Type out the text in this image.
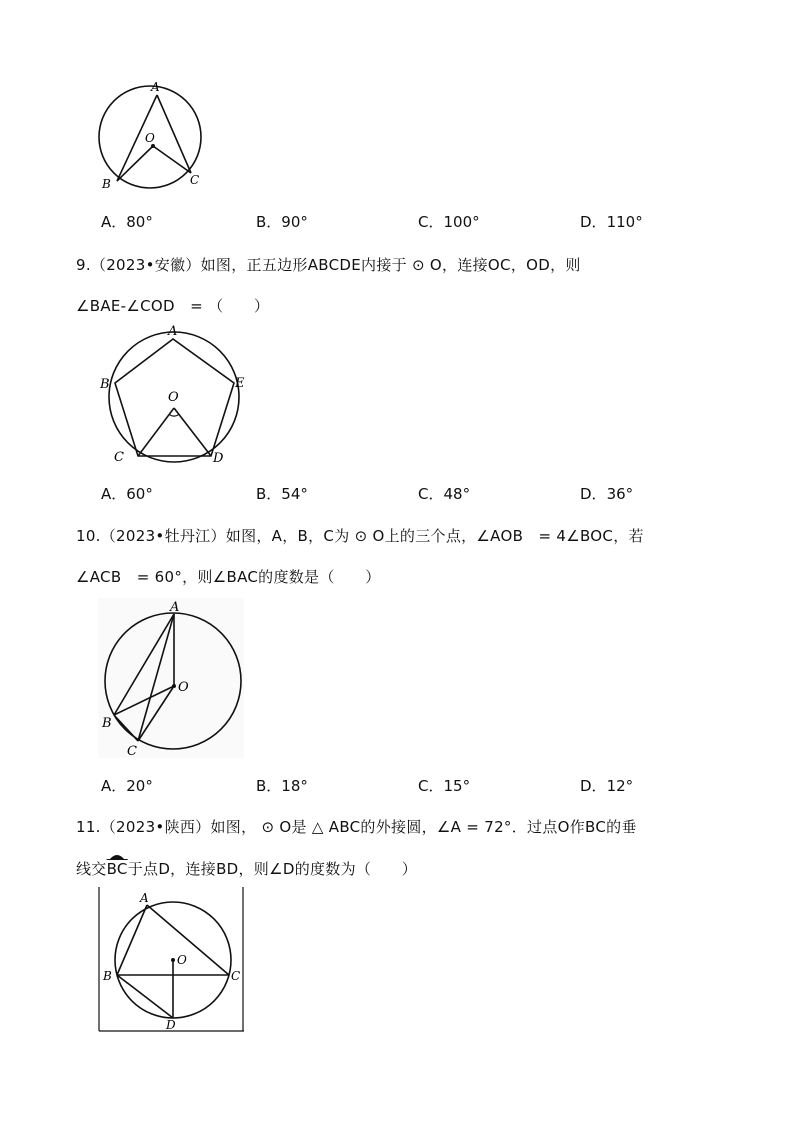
A
O
B	C
A．80°	B．90°	C．100°	D．110°
9.（2023•安徽）如图，正五边形ABCDE内接于 ⊙ O，连接OC，OD，则
∠BAE-∠COD　= （　　）
A
B	E
O
C	D
A．60°	B．54°	C．48°	D．36°
10.（2023•牡丹江）如图，A，B，C为 ⊙ O上的三个点，∠AOB　= 4∠BOC，若
∠ACB　= 60°，则∠BAC的度数是（　　）
A
O
B
C
A．20°	B．18°	C．15°	D．12°
11.（2023•陕西）如图， ⊙ O是 △ ABC的外接圆，∠A = 72°．过点O作BC的垂
线交
$\overline{BC}$于点D，连接BD，则∠D的度数为（　　）
A
O
B	C
D
